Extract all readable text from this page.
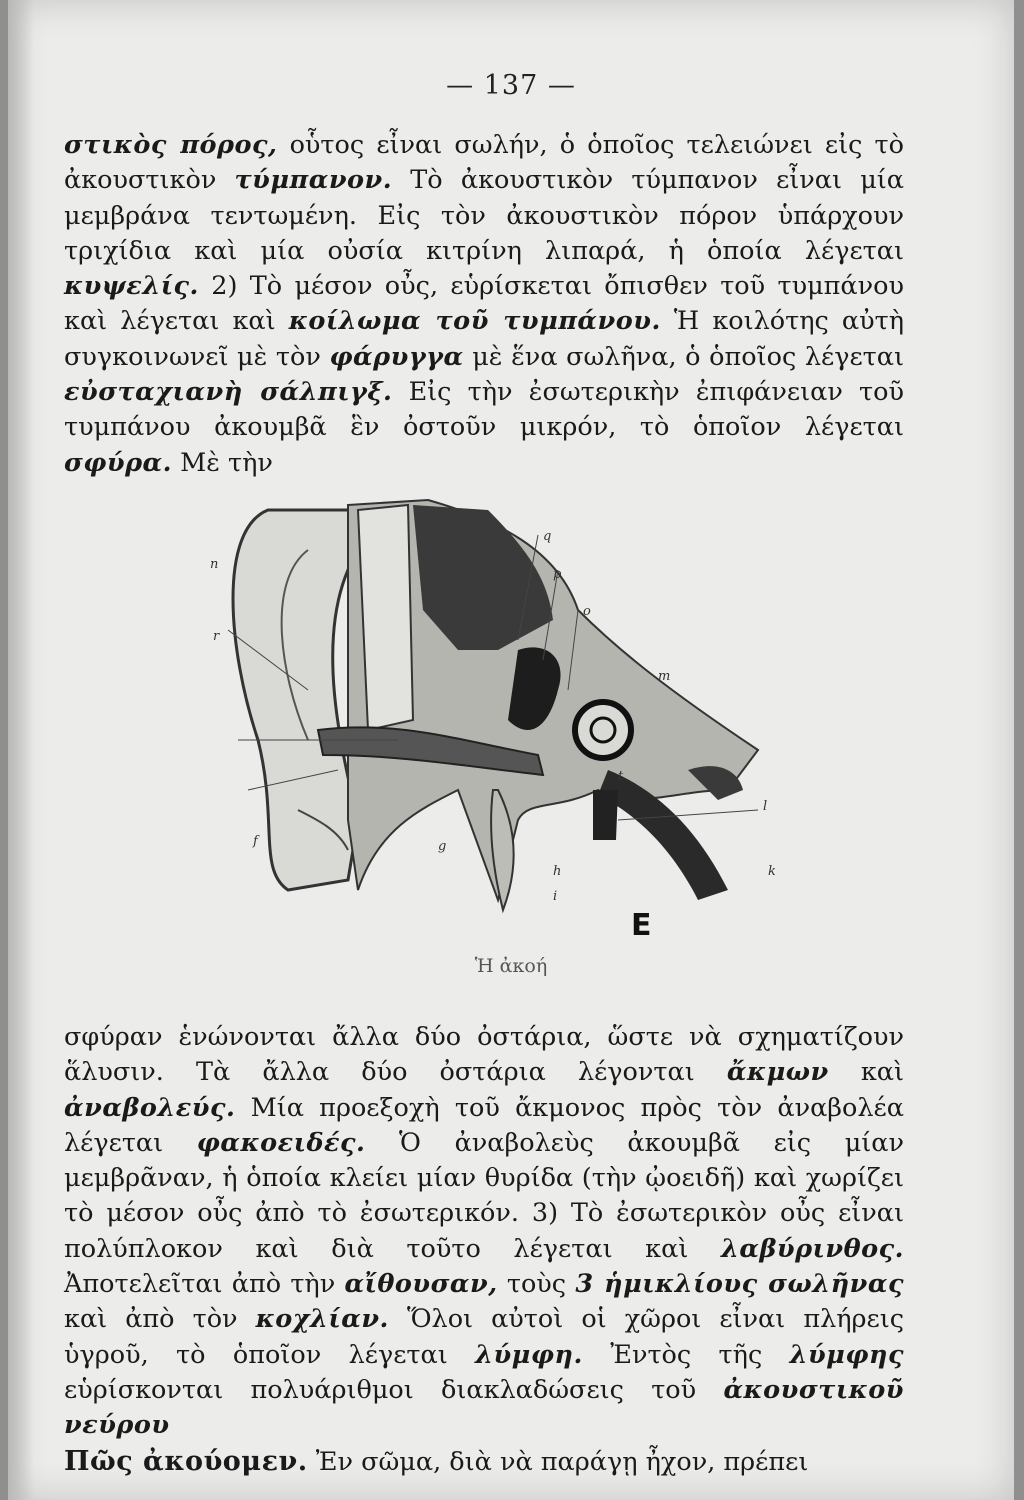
— 137 —
στικὸς πόρος, οὗτος εἶναι σωλήν, ὁ ὁποῖος τελειώνει εἰς τὸ ἀκουστικὸν τύμπανον. Τὸ ἀκουστικὸν τύμπανον εἶναι μία μεμβράνα τεντωμένη. Εἰς τὸν ἀκουστικὸν πόρον ὑπάρχουν τριχίδια καὶ μία οὐσία κιτρίνη λιπαρά, ἡ ὁποία λέγεται κυψελίς. 2) Τὸ μέσον οὖς, εὑρίσκεται ὄπισθεν τοῦ τυμπάνου καὶ λέγεται καὶ κοίλωμα τοῦ τυμπάνου. Ἡ κοιλότης αὐτὴ συγκοινωνεῖ μὲ τὸν φάρυγγα μὲ ἕνα σωλῆνα, ὁ ὁποῖος λέγεται εὐσταχιανὴ σάλπιγξ. Εἰς τὴν ἐσωτερικὴν ἐπιφάνειαν τοῦ τυμπάνου ἀκουμβᾶ ἓν ὀστοῦν μικρόν, τὸ ὁποῖον λέγεται σφύρα. Μὲ τὴν
n
r
q
p
o
m
f	g
h
i
k
l
t
E
Ἡ ἀκοή
σφύραν ἑνώνονται ἄλλα δύο ὀστάρια, ὥστε νὰ σχηματίζουν ἅλυσιν. Τὰ ἄλλα δύο ὀστάρια λέγονται ἄκμων καὶ ἀναβολεύς. Μία προεξοχὴ τοῦ ἄκμονος πρὸς τὸν ἀναβολέα λέγεται φακοειδές. Ὁ ἀναβολεὺς ἀκουμβᾶ εἰς μίαν μεμβρᾶναν, ἡ ὁποία κλείει μίαν θυρίδα (τὴν ᾠοειδῆ) καὶ χωρίζει τὸ μέσον οὖς ἀπὸ τὸ ἐσωτερικόν. 3) Τὸ ἐσωτερικὸν οὖς εἶναι πολύπλοκον καὶ διὰ τοῦτο λέγεται καὶ λαβύρινθος. Ἀποτελεῖται ἀπὸ τὴν αἴθουσαν, τοὺς 3 ἡμικλίους σωλῆνας καὶ ἀπὸ τὸν κοχλίαν. Ὅλοι αὐτοὶ οἱ χῶροι εἶναι πλήρεις ὑγροῦ, τὸ ὁποῖον λέγεται λύμφη. Ἐντὸς τῆς λύμφης εὑρίσκονται πολυάριθμοι διακλαδώσεις τοῦ ἀκουστικοῦ νεύρου
Πῶς ἀκούομεν. Ἐν σῶμα, διὰ νὰ παράγῃ ἦχον, πρέπει
